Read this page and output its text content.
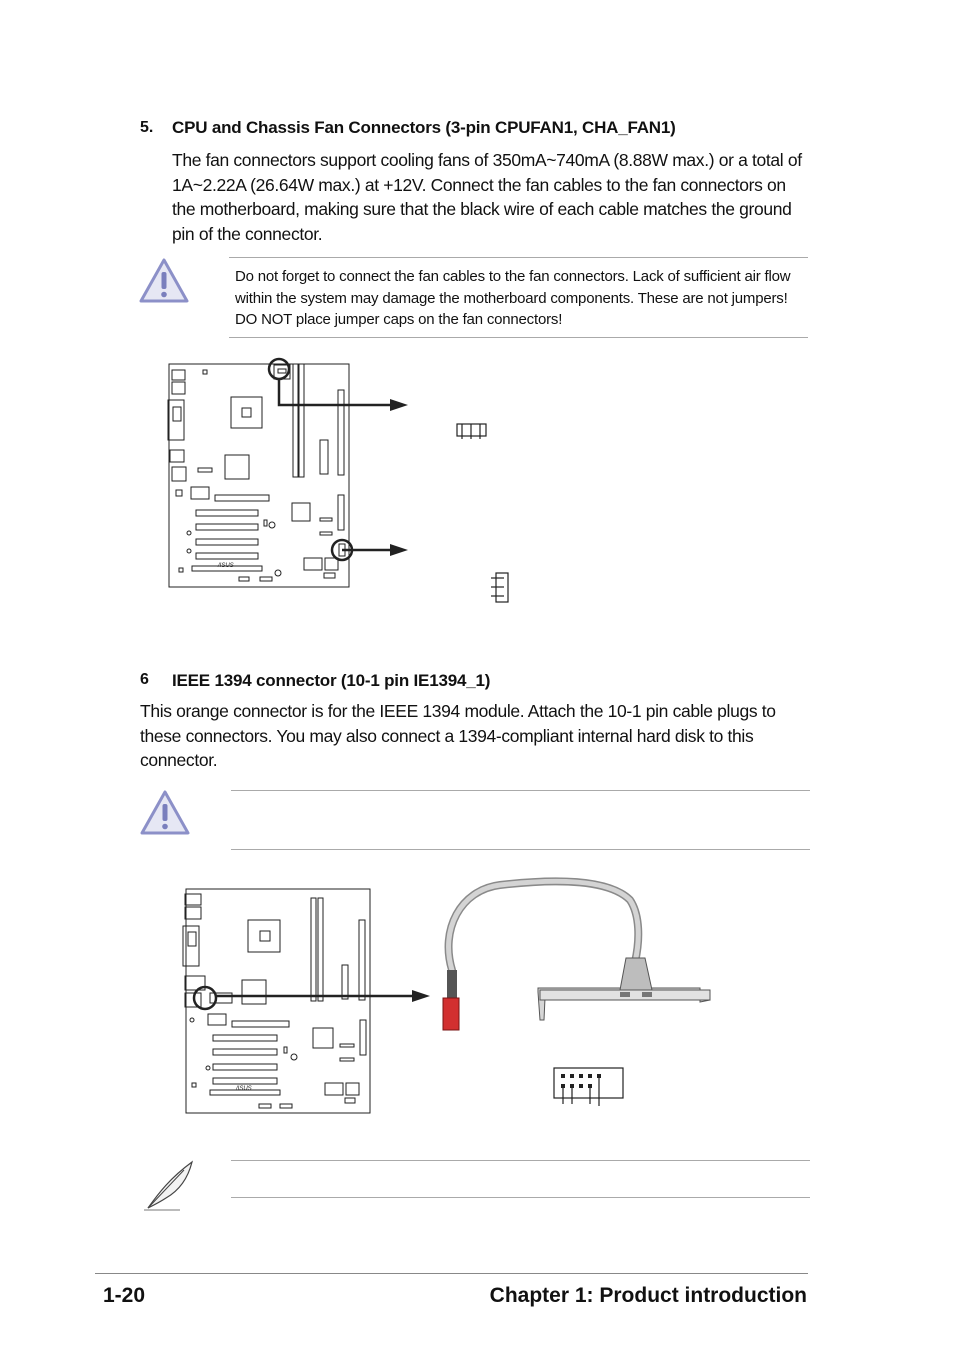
5. CPU and Chassis Fan Connectors (3-pin CPUFAN1, CHA_FAN1)
The fan connectors support cooling fans of 350mA~740mA (8.88W max.) or a total of 1A~2.22A (26.64W max.) at +12V. Connect the fan cables to the fan connectors on the motherboard, making sure that the black wire of each cable matches the ground pin of the connector.
Do not forget to connect the fan cables to the fan connectors. Lack of sufficient air flow within the system may damage the motherboard components. These are not jumpers! DO NOT place jumper caps on the fan connectors!
/ISUS
6 IEEE 1394 connector (10-1 pin IE1394_1)
This orange connector is for the IEEE 1394 module. Attach the 10-1 pin cable plugs to these connectors. You may also connect a 1394-compliant internal hard disk to this connector.
/ISUS
1-20	Chapter 1: Product introduction
